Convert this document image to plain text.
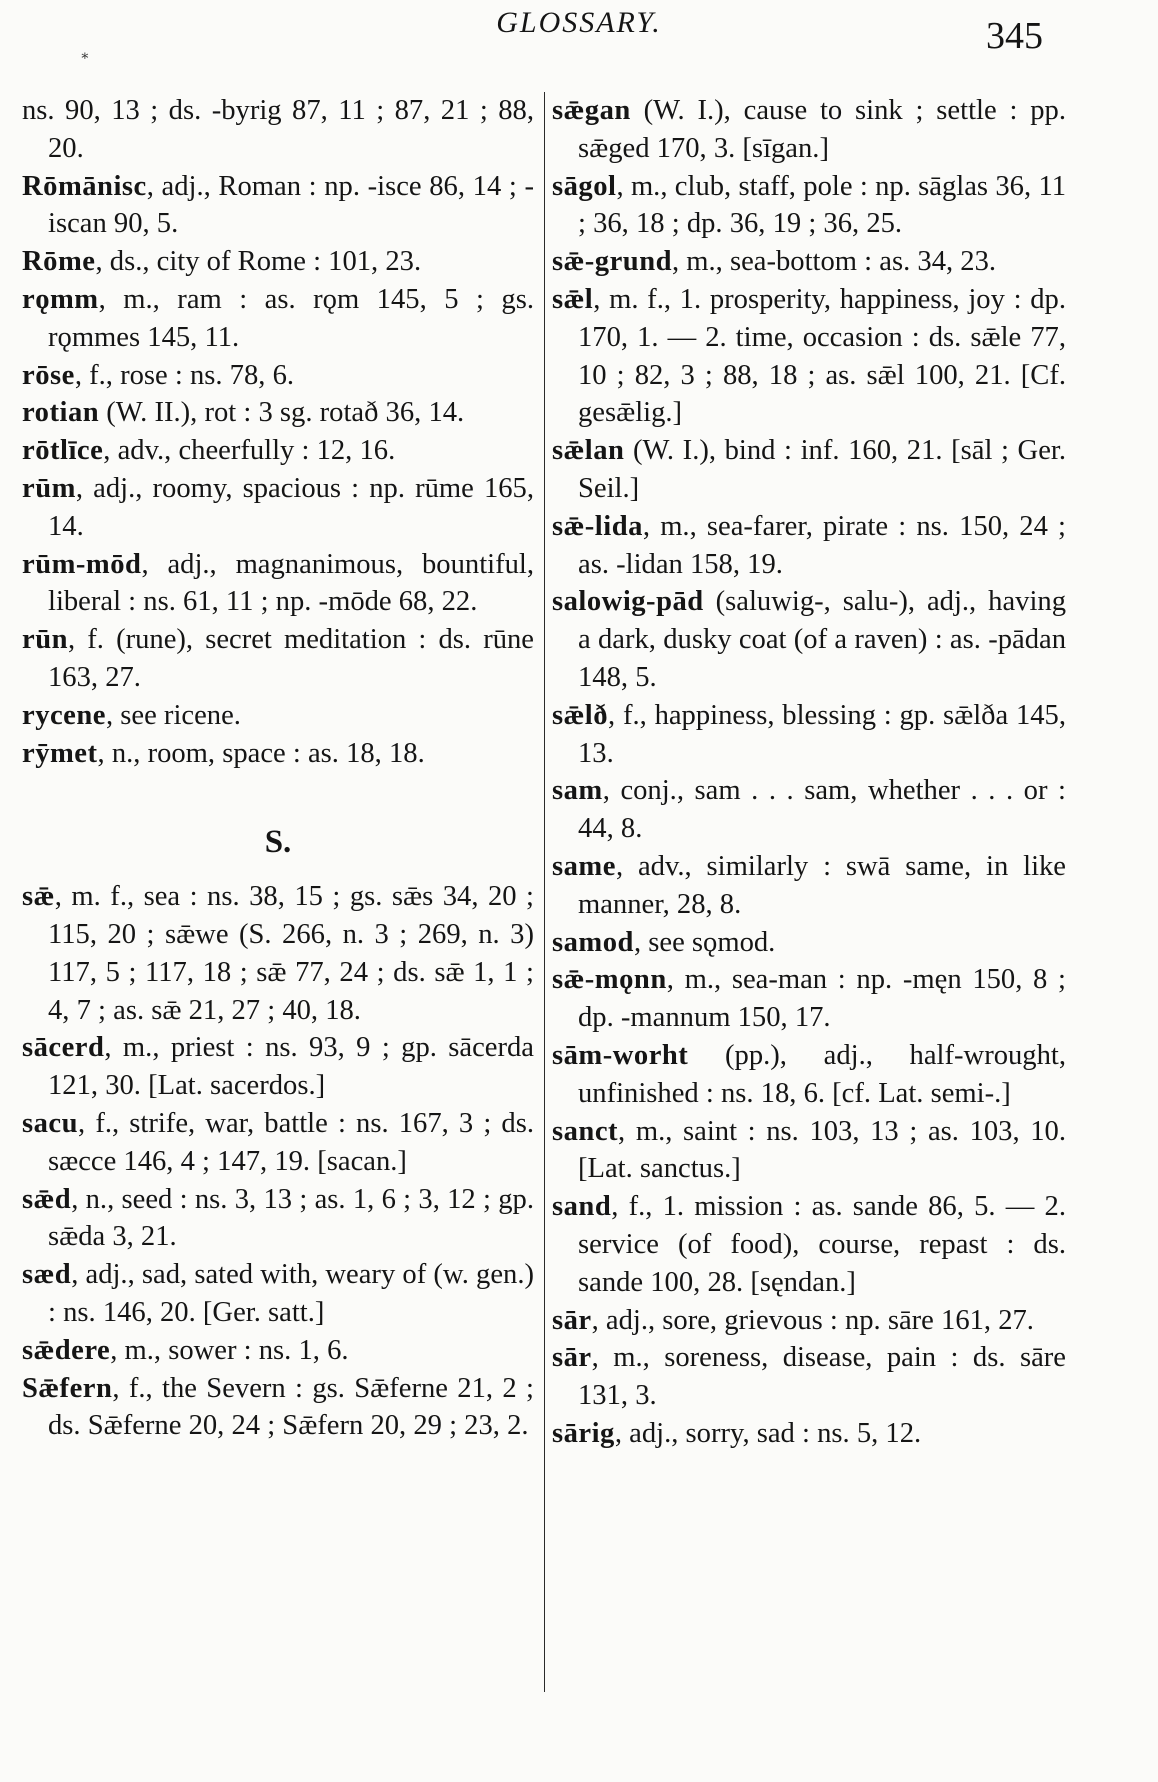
GLOSSARY.	345
∗

ns. 90, 13 ; ds. -byrig 87, 11 ; 87, 21 ; 88, 20.

Rōmānisc, adj., Roman : np. -isce 86, 14 ; -iscan 90, 5.

Rōme, ds., city of Rome : 101, 23.

rǫmm, m., ram : as. rǫm 145, 5 ; gs. rǫmmes 145, 11.

rōse, f., rose : ns. 78, 6.

rotian (W. II.), rot : 3 sg. rotað 36, 14.

rōtlīce, adv., cheerfully : 12, 16.

rūm, adj., roomy, spacious : np. rūme 165, 14.

rūm-mōd, adj., magnanimous, bountiful, liberal : ns. 61, 11 ; np. -mōde 68, 22.

rūn, f. (rune), secret meditation : ds. rūne 163, 27.

rycene, see ricene.

rȳmet, n., room, space : as. 18, 18.

S.

sǣ, m. f., sea : ns. 38, 15 ; gs. sǣs 34, 20 ; 115, 20 ; sǣwe (S. 266, n. 3 ; 269, n. 3) 117, 5 ; 117, 18 ; sǣ 77, 24 ; ds. sǣ 1, 1 ; 4, 7 ; as. sǣ 21, 27 ; 40, 18.

sācerd, m., priest : ns. 93, 9 ; gp. sācerda 121, 30. [Lat. sacerdos.]

sacu, f., strife, war, battle : ns. 167, 3 ; ds. sæcce 146, 4 ; 147, 19. [sacan.]

sǣd, n., seed : ns. 3, 13 ; as. 1, 6 ; 3, 12 ; gp. sǣda 3, 21.

sæd, adj., sad, sated with, weary of (w. gen.) : ns. 146, 20. [Ger. satt.]

sǣdere, m., sower : ns. 1, 6.

Sǣfern, f., the Severn : gs. Sǣferne 21, 2 ; ds. Sǣferne 20, 24 ; Sǣfern 20, 29 ; 23, 2.

sǣgan (W. I.), cause to sink ; settle : pp. sǣged 170, 3. [sīgan.]

sāgol, m., club, staff, pole : np. sāglas 36, 11 ; 36, 18 ; dp. 36, 19 ; 36, 25.

sǣ-grund, m., sea-bottom : as. 34, 23.

sǣl, m. f., 1. prosperity, happiness, joy : dp. 170, 1. — 2. time, occasion : ds. sǣle 77, 10 ; 82, 3 ; 88, 18 ; as. sǣl 100, 21. [Cf. gesǣlig.]

sǣlan (W. I.), bind : inf. 160, 21. [sāl ; Ger. Seil.]

sǣ-lida, m., sea-farer, pirate : ns. 150, 24 ; as. -lidan 158, 19.

salowig-pād (saluwig-, salu-), adj., having a dark, dusky coat (of a raven) : as. -pādan 148, 5.

sǣlð, f., happiness, blessing : gp. sǣlða 145, 13.

sam, conj., sam . . . sam, whether . . . or : 44, 8.

same, adv., similarly : swā same, in like manner, 28, 8.

samod, see sǫmod.

sǣ-mǫnn, m., sea-man : np. -męn 150, 8 ; dp. -mannum 150, 17.

sām-worht (pp.), adj., half-wrought, unfinished : ns. 18, 6. [cf. Lat. semi-.]

sanct, m., saint : ns. 103, 13 ; as. 103, 10. [Lat. sanctus.]

sand, f., 1. mission : as. sande 86, 5. — 2. service (of food), course, repast : ds. sande 100, 28. [sęndan.]

sār, adj., sore, grievous : np. sāre 161, 27.

sār, m., soreness, disease, pain : ds. sāre 131, 3.

sārig, adj., sorry, sad : ns. 5, 12.
